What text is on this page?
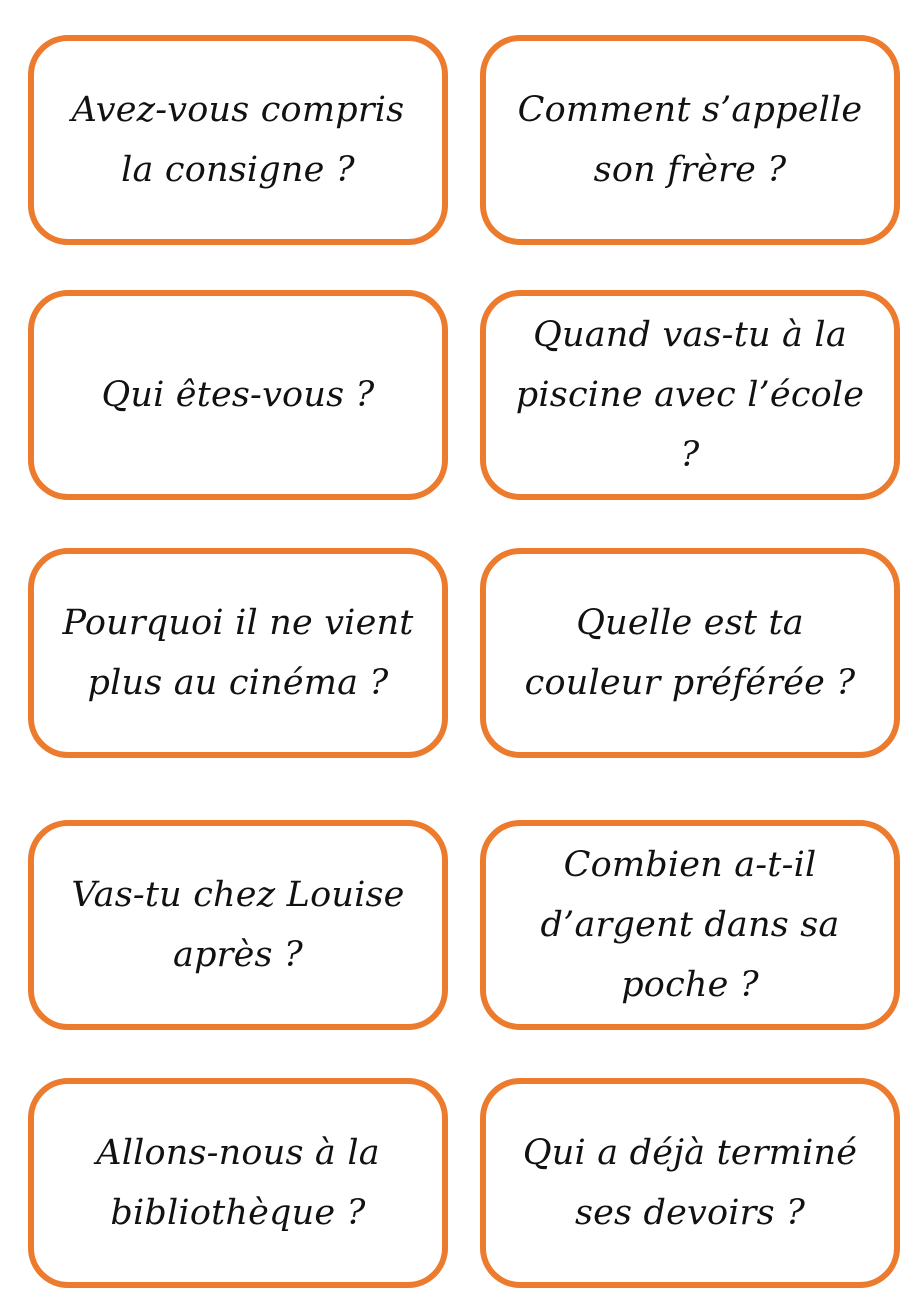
Avez-vous compris la consigne ?
Comment s’appelle son frère ?
Qui êtes-vous ?
Quand vas-tu à la piscine avec l’école ?
Pourquoi il ne vient plus au cinéma ?
Quelle est ta couleur préférée ?
Vas-tu chez Louise après ?
Combien a-t-il d’argent dans sa poche ?
Allons-nous à la bibliothèque ?
Qui a déjà terminé ses devoirs ?
